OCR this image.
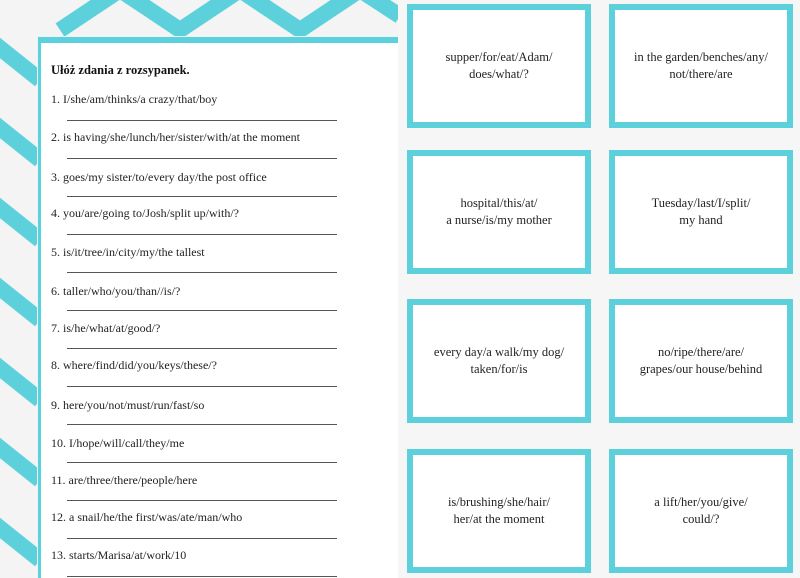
Ułóż zdania z rozsypanek.
1. I/she/am/thinks/a crazy/that/boy
2. is having/she/lunch/her/sister/with/at the moment
3. goes/my sister/to/every day/the post office
4. you/are/going to/Josh/split up/with/?
5. is/it/tree/in/city/my/the tallest
6. taller/who/you/than//is/?
7. is/he/what/at/good/?
8. where/find/did/you/keys/these/?
9. here/you/not/must/run/fast/so
10. I/hope/will/call/they/me
11. are/three/there/people/here
12. a snail/he/the first/was/ate/man/who
13. starts/Marisa/at/work/10
supper/for/eat/Adam/
does/what/?
in the garden/benches/any/
not/there/are
hospital/this/at/
a nurse/is/my mother
Tuesday/last/I/split/
my hand
every day/a walk/my dog/
taken/for/is
no/ripe/there/are/
grapes/our house/behind
is/brushing/she/hair/
her/at the moment
a lift/her/you/give/
could/?
